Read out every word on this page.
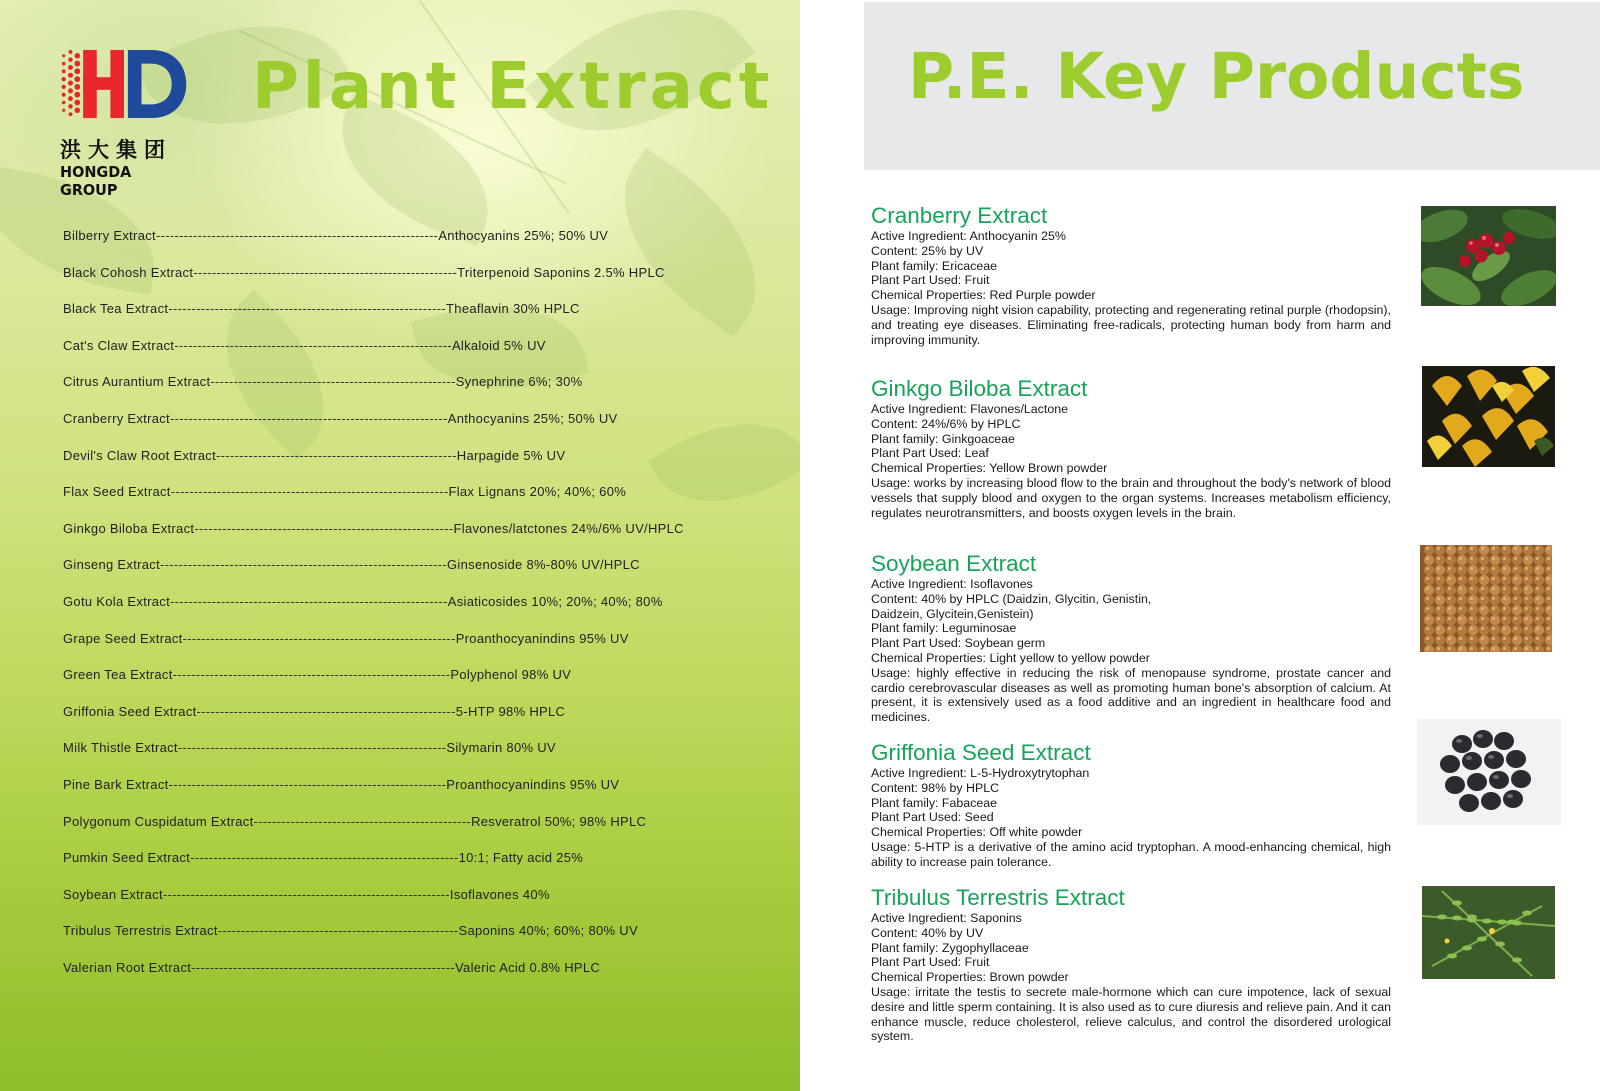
洪大集团
HONGDA GROUP
Plant Extract
Bilberry Extract ------------------------------------------------------------- Anthocyanins 25%; 50% UV
Black Cohosh Extract --------------------------------------------------------- Triterpenoid Saponins 2.5% HPLC
Black Tea Extract ------------------------------------------------------------ Theaflavin 30% HPLC
Cat's Claw Extract ------------------------------------------------------------ Alkaloid 5% UV
Citrus Aurantium Extract ----------------------------------------------------- Synephrine 6%; 30%
Cranberry Extract ------------------------------------------------------------ Anthocyanins 25%; 50% UV
Devil's Claw Root Extract ---------------------------------------------------- Harpagide 5% UV
Flax Seed Extract ------------------------------------------------------------ Flax Lignans 20%; 40%; 60%
Ginkgo Biloba Extract -------------------------------------------------------- Flavones/latctones 24%/6% UV/HPLC
Ginseng Extract -------------------------------------------------------------- Ginsenoside 8%-80% UV/HPLC
Gotu Kola Extract ------------------------------------------------------------ Asiaticosides 10%; 20%; 40%; 80%
Grape Seed Extract ----------------------------------------------------------- Proanthocyanindins 95% UV
Green Tea Extract ------------------------------------------------------------ Polyphenol 98% UV
Griffonia Seed Extract -------------------------------------------------------- 5-HTP 98% HPLC
Milk Thistle Extract ---------------------------------------------------------- Silymarin 80% UV
Pine Bark Extract ------------------------------------------------------------ Proanthocyanindins 95% UV
Polygonum Cuspidatum Extract ----------------------------------------------- Resveratrol 50%; 98% HPLC
Pumkin Seed Extract ---------------------------------------------------------- 10:1; Fatty acid 25%
Soybean Extract -------------------------------------------------------------- Isoflavones 40%
Tribulus Terrestris Extract ---------------------------------------------------- Saponins 40%; 60%; 80% UV
Valerian Root Extract --------------------------------------------------------- Valeric Acid 0.8% HPLC
P.E. Key Products
Cranberry Extract
Active Ingredient: Anthocyanin 25%
Content: 25% by UV
Plant family: Ericaceae
Plant Part Used: Fruit
Chemical Properties: Red Purple powder
Usage: Improving night vision capability, protecting and regenerating retinal purple (rhodopsin), and treating eye diseases. Eliminating free-radicals, protecting human body from harm and improving immunity.
Ginkgo Biloba Extract
Active Ingredient: Flavones/Lactone
Content: 24%/6% by HPLC
Plant family: Ginkgoaceae
Plant Part Used: Leaf
Chemical Properties: Yellow Brown powder
Usage: works by increasing blood flow to the brain and throughout the body's network of blood vessels that supply blood and oxygen to the organ systems. Increases metabolism efficiency, regulates neurotransmitters, and boosts oxygen levels in the brain.
Soybean Extract
Active Ingredient: Isoflavones
Content: 40% by HPLC (Daidzin, Glycitin, Genistin,
Daidzein, Glycitein,Genistein)
Plant family: Leguminosae
Plant Part Used: Soybean germ
Chemical Properties: Light yellow to yellow powder
Usage: highly effective in reducing the risk of menopause syndrome, prostate cancer and cardio cerebrovascular diseases as well as promoting human bone's absorption of calcium. At present, it is extensively used as a food additive and an ingredient in healthcare food and medicines.
Griffonia Seed Extract
Active Ingredient: L-5-Hydroxytrytophan
Content: 98% by HPLC
Plant family: Fabaceae
Plant Part Used: Seed
Chemical Properties: Off white powder
Usage: 5-HTP is a derivative of the amino acid tryptophan. A mood-enhancing chemical, high ability to increase pain tolerance.
Tribulus Terrestris Extract
Active Ingredient: Saponins
Content: 40% by UV
Plant family: Zygophyllaceae
Plant Part Used: Fruit
Chemical Properties: Brown powder
Usage: irritate the testis to secrete male-hormone which can cure impotence, lack of sexual desire and little sperm containing. It is also used as to cure diuresis and relieve pain. And it can enhance muscle, reduce cholesterol, relieve calculus, and control the disordered urological system.
